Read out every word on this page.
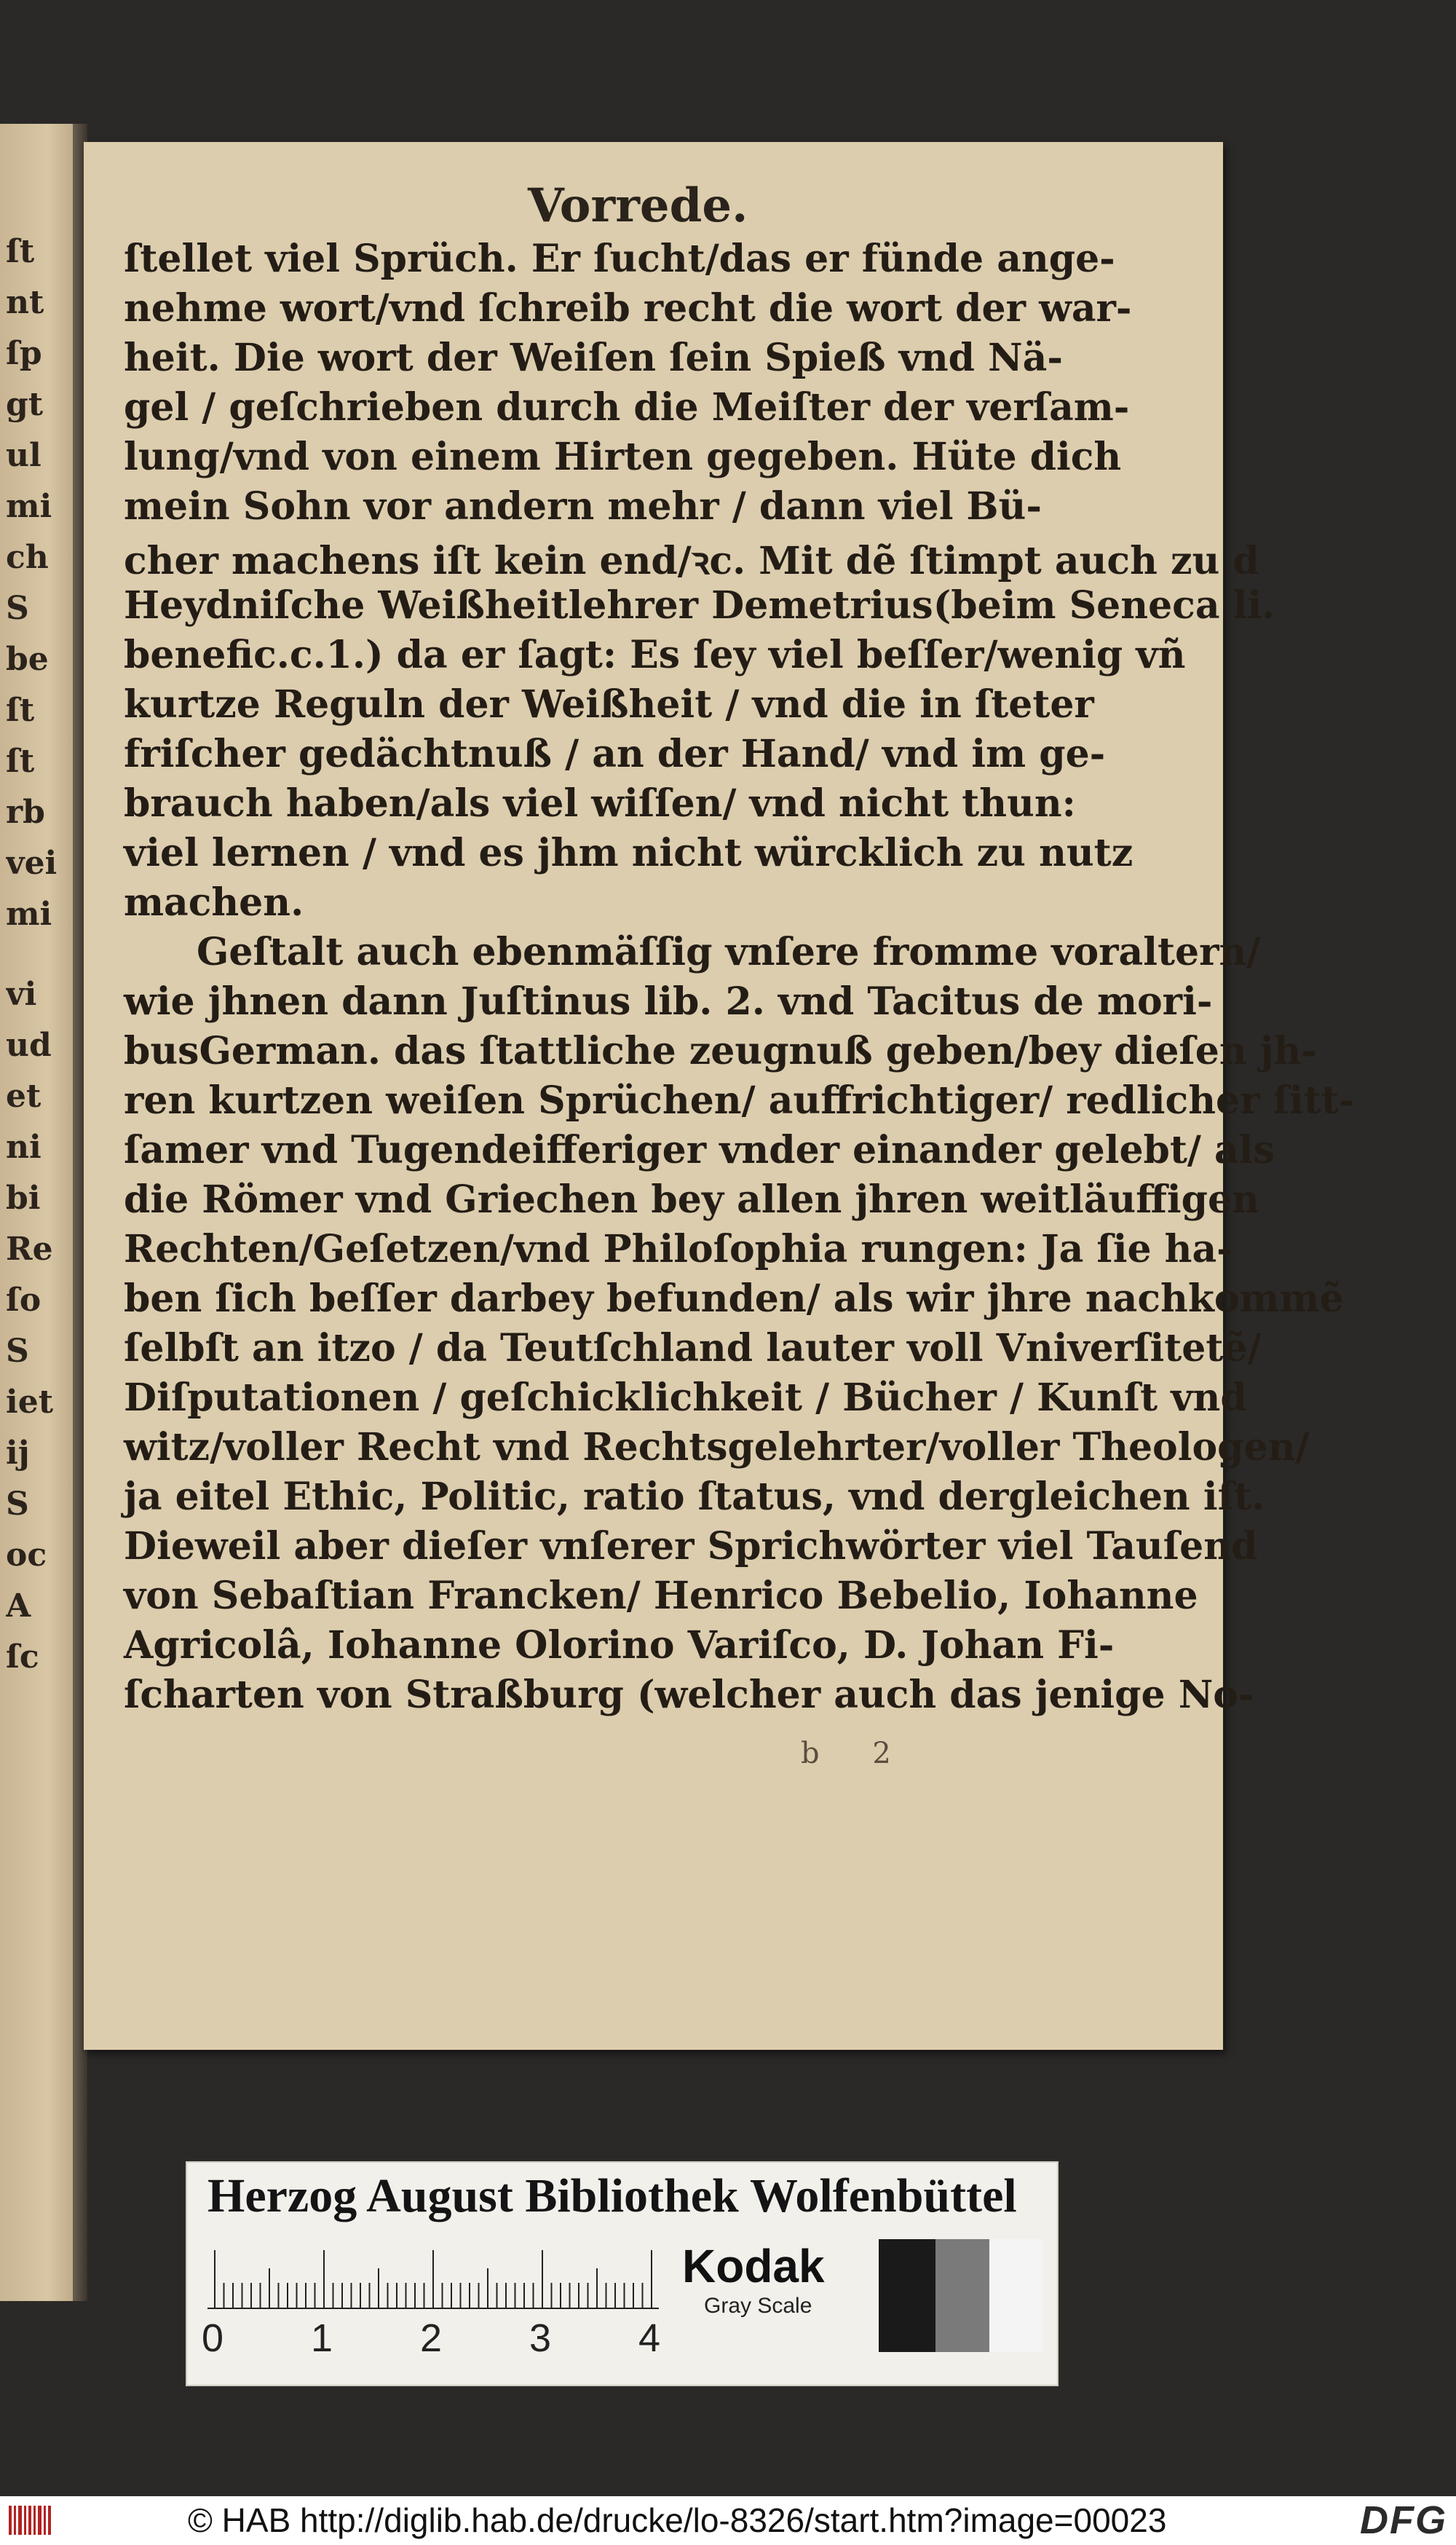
ſt
nt
ſp
gt
ul
mi
ch
S
be
ſt
ſt
rb
vei
mi
vi
ud
et
ni
bi
Re
ſo
S
iet
ij
S
oc
A
ſc
Vorrede.
ſtellet viel Sprüch. Er ſucht/das er fünde ange-
nehme wort/vnd ſchreib recht die wort der war-
heit. Die wort der Weiſen ſein Spieß vnd Nä-
gel / geſchrieben durch die Meiſter der verſam-
lung/vnd von einem Hirten gegeben. Hüte dich
mein Sohn vor andern mehr / dann viel Bü-
cher machens iſt kein end/ꝛc. Mit dẽ ſtimpt auch zu d
Heydniſche Weißheitlehrer Demetrius(beim Seneca li.
benefic.c.1.) da er ſagt: Es ſey viel beſſer/wenig vñ
kurtze Reguln der Weißheit / vnd die in ſteter
friſcher gedächtnuß / an der Hand/ vnd im ge-
brauch haben/als viel wiſſen/ vnd nicht thun:
viel lernen / vnd es jhm nicht würcklich zu nutz
machen.
Geſtalt auch ebenmäſſig vnſere fromme voraltern/
wie jhnen dann Juſtinus lib. 2. vnd Tacitus de mori-
busGerman. das ſtattliche zeugnuß geben/bey dieſen jh-
ren kurtzen weiſen Sprüchen/ auffrichtiger/ redlicher ſitt-
ſamer vnd Tugendeifferiger vnder einander gelebt/ als
die Römer vnd Griechen bey allen jhren weitläuffigen
Rechten/Geſetzen/vnd Philoſophia rungen: Ja ſie ha-
ben ſich beſſer darbey befunden/ als wir jhre nachkommẽ
ſelbſt an itzo / da Teutſchland lauter voll Vniverſitetẽ/
Diſputationen / geſchicklichkeit / Bücher / Kunſt vnd
witz/voller Recht vnd Rechtsgelehrter/voller Theologen/
ja eitel Ethic, Politic, ratio ſtatus, vnd dergleichen iſt.
Dieweil aber dieſer vnſerer Sprichwörter viel Tauſend
von Sebaſtian Francken/ Henrico Bebelio, Iohanne
Agricolâ, Iohanne Olorino Variſco, D. Johan Fi-
ſcharten von Straßburg (welcher auch das jenige No-
b 2
Herzog August Bibliothek Wolfenbüttel
0 1 2 3 4
Kodak
Gray Scale
© HAB http://diglib.hab.de/drucke/lo-8326/start.htm?image=00023	DFG
